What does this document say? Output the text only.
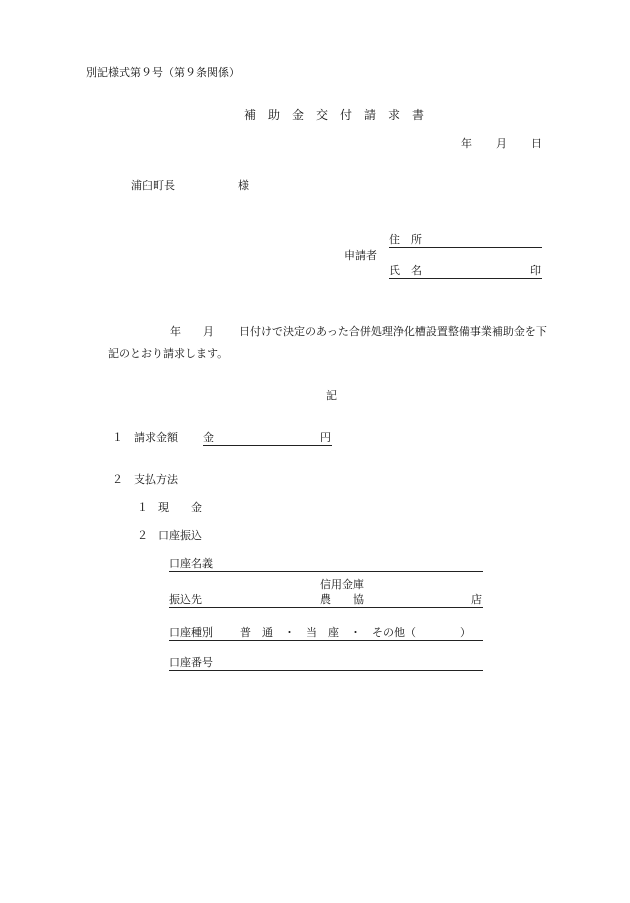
別記様式第９号（第９条関係）
補　助　金　交　付　請　求　書
年 月 日
浦臼町長	様
住　所
申請者
氏　名	印
年 月 日付けで決定のあった合併処理浄化槽設置整備事業補助金を下
記のとおり請求します。
記
１ 請求金額 金	円
２ 支払方法
１ 現　　金
２ 口座振込
口座名義
信用金庫
振込先	農　　協	店
口座種別 普　通　・　当　座　・　その他（　　　　）
口座番号
